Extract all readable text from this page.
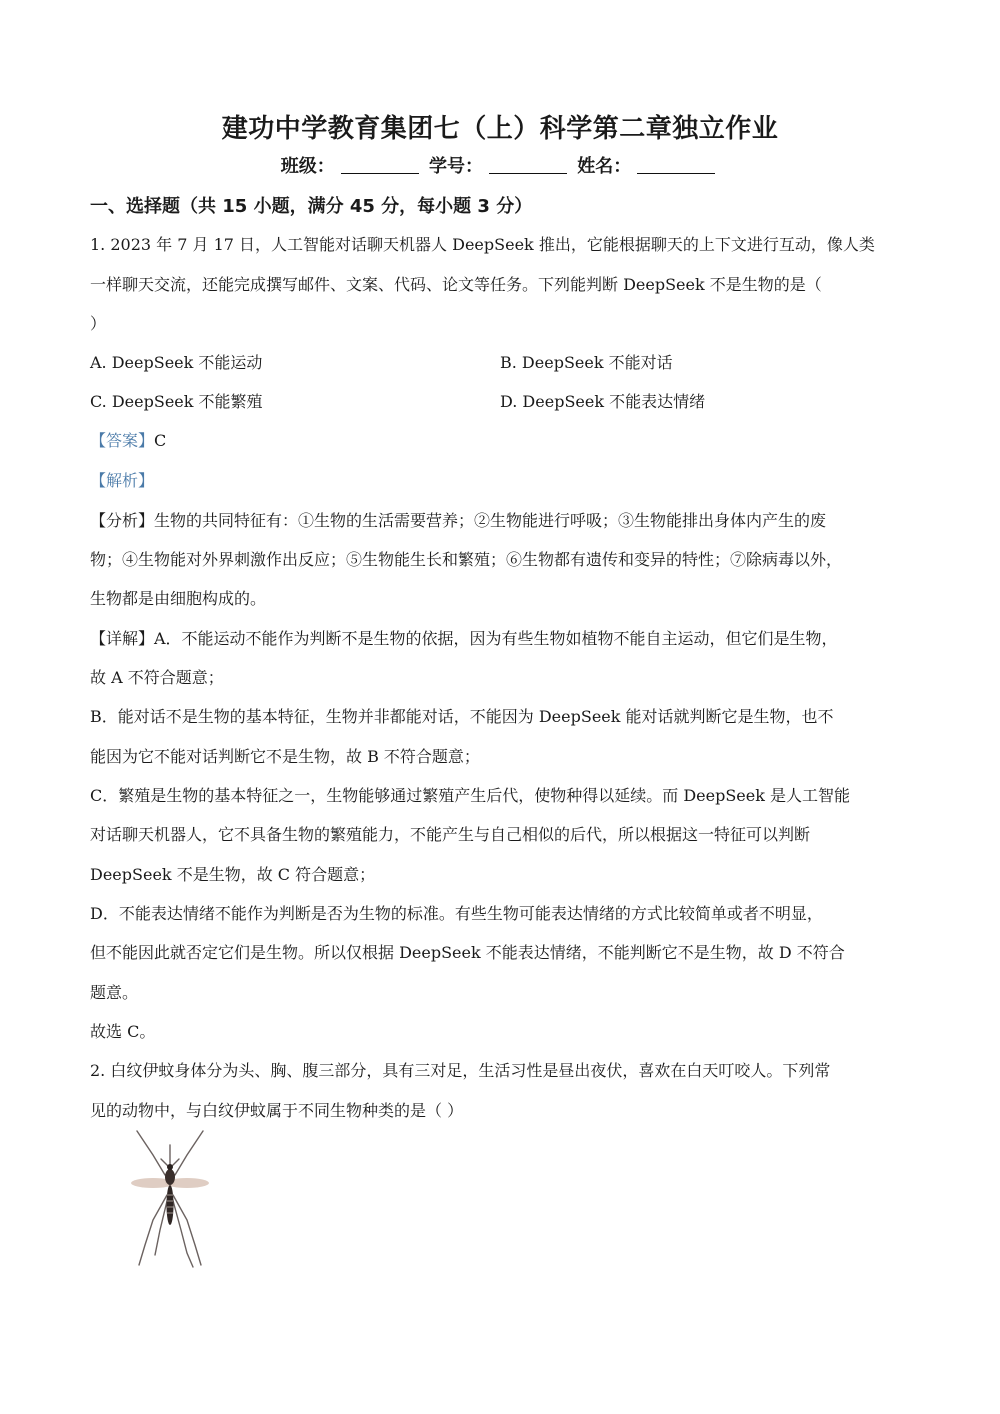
建功中学教育集团七（上）科学第二章独立作业
班级：	学号：	姓名：
一、选择题（共 15 小题，满分 45 分，每小题 3 分）
1. 2023 年 7 月 17 日，人工智能对话聊天机器人 DeepSeek 推出，它能根据聊天的上下文进行互动，像人类
一样聊天交流，还能完成撰写邮件、文案、代码、论文等任务。下列能判断 DeepSeek 不是生物的是（
）
A. DeepSeek 不能运动	B. DeepSeek 不能对话
C. DeepSeek 不能繁殖	D. DeepSeek 不能表达情绪
【答案】C
【解析】
【分析】生物的共同特征有：①生物的生活需要营养；②生物能进行呼吸；③生物能排出身体内产生的废
物；④生物能对外界刺激作出反应；⑤生物能生长和繁殖；⑥生物都有遗传和变异的特性；⑦除病毒以外，
生物都是由细胞构成的。
【详解】A．不能运动不能作为判断不是生物的依据，因为有些生物如植物不能自主运动，但它们是生物，
故 A 不符合题意；
B．能对话不是生物的基本特征，生物并非都能对话，不能因为 DeepSeek 能对话就判断它是生物，也不
能因为它不能对话判断它不是生物，故 B 不符合题意；
C．繁殖是生物的基本特征之一，生物能够通过繁殖产生后代，使物种得以延续。而 DeepSeek 是人工智能
对话聊天机器人，它不具备生物的繁殖能力，不能产生与自己相似的后代，所以根据这一特征可以判断
DeepSeek 不是生物，故 C 符合题意；
D．不能表达情绪不能作为判断是否为生物的标准。有些生物可能表达情绪的方式比较简单或者不明显，
但不能因此就否定它们是生物。所以仅根据 DeepSeek 不能表达情绪，不能判断它不是生物，故 D 不符合
题意。
故选 C。
2. 白纹伊蚊身体分为头、胸、腹三部分，具有三对足，生活习性是昼出夜伏，喜欢在白天叮咬人。下列常
见的动物中，与白纹伊蚊属于不同生物种类的是（ ）
